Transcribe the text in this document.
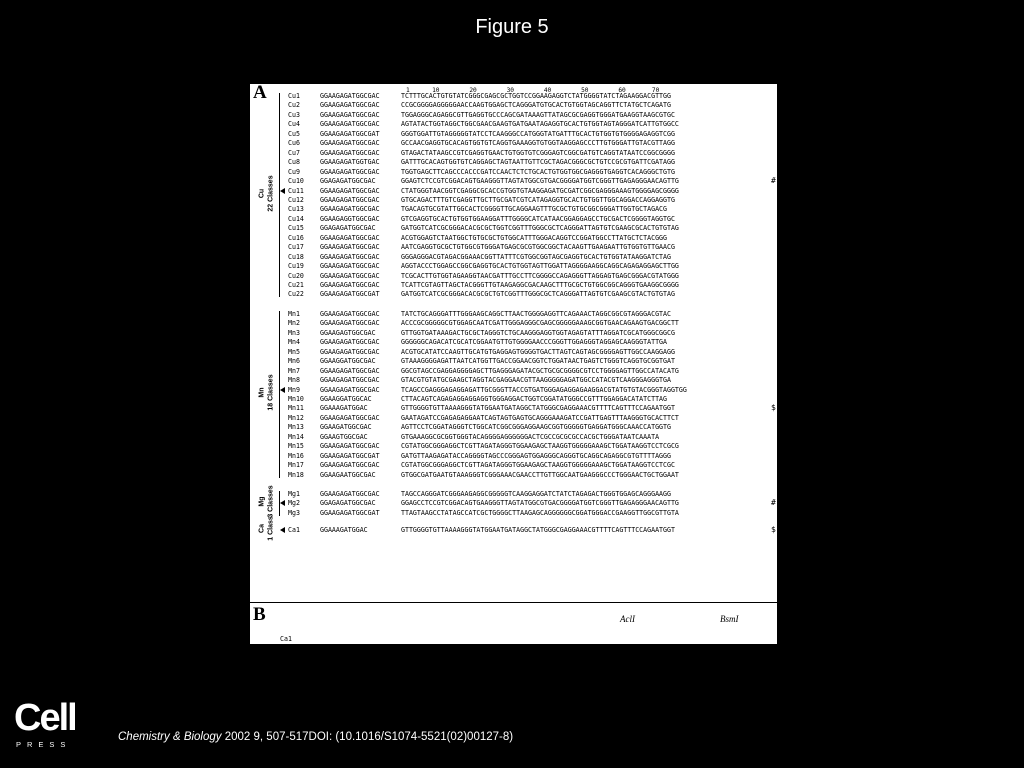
Figure 5
A	1      10        20        30        40        50        60       70
Cu1	GGAAGAGATGGCGAC	TCTTTGCACTGTGTATCGGGCGAGCGCTGGTCCGGAAGAGGTCTATGGGGTATCTAGAAGGACGTTGG
Cu2	GGAAGAGATGGCGAC	CCGCGGGGAGGGGGAACCAAGTGGAGCTCAGGGATGTGCACTGTGGTAGCAGGTTCTATGCTCAGATG
Cu3	GGAAGAGATGGCGAC	TGGAGGGCAGAGGCGTTGAGGTGCCCAGCGATAAAGTTATAGCGCGAGGTGGGATGAAGGTAAGCGTGC
Cu4	GGAAGAGATGGCGAC	AGTATACTGGTAGGCTGGCGAACGAAGTGATGAATAGAGGTGCACTGTGGTAGTAGGGATCATTGTGGCC
Cu5	GGAAGAGATGGCGAT	GGGTGGATTGTAGGGGGTATCCTCAAGGGCCATGGGTATGATTTGCACTGTGGTGTGGGGAGAGGTCGG
Cu6	GGAAGAGATGGCGAC	GCCAACGAGGTGCACAGTGGTGTCAGGTGAAAGGTGTGGTAAGGAGCCCTTGTGGGATTGTACGTTAGG
Cu7	GGAAGAGATGGCGAC	GTAGACTATAAGCCGTCGAGGTGAACTGTGGTGTCGGGAGTCGGCGATGTCAGGTATAATCCGGCGGGG
Cu8	GGAAGAGATGGTGAC	GATTTGCACAGTGGTGTCAGGAGCTAGTAATTGTTCGCTAGACGGGCGCTGTCCGCGTGATTCGATAGG
Cu9	GGAAGAGATGGCGAC	TGGTGAGCTTCAGCCCACCCGATCCAACTCTCTGCACTGTGGTGGCGAGGGTGAGGTCACAGGGCTGTG
Cu10 GGAGAGATGGCGAC	GGAGTCTCCGTCGGACAGTGAAGGGTTAGTATGGCGTGACGGGGATGGTCGGGTTGAGAGGGAACAGTTG	#
Cu11 GGAAGAGATGGCGAC	CTATGGGTAACGGTCGAGGCGCACCGTGGTGTAAGGAGATGCGATCGGCGAGGGAAAGTGGGGAGCGGGG
Cu12 GGAAGAGATGGCGAC	GTGCAGACTTTGTCGAGGTTGCTTGCGATCGTCATAGAGGTGCACTGTGGTTGGCAGGACCAGGAGGTG
Cu13 GGAAGAGATGGCGAC	TGACAGTGCGTATTGGCACTCGGGGTTGCAGGAAGTTTGCGCTGTGCGGCGGGATTGGTGCTAGACG
Cu14 GGAAGAGGTGGCGAC	GTCGAGGTGCACTGTGGTGGAAGGATTTGGGGCATCATAACGGAGGAGCCTGCGACTCGGGGTAGGTGC
Cu15 GGAGAGATGGCGAC	GATGGTCATCGCGGGACACGCGCTGGTCGGTTTGGGCGCTCAGGGATTAGTGTCGAAGCGCACTGTGTAG
Cu16 GGAAGAGATGGCGAC	ACGTGGAGTCTAATGGCTGTGCGCTGTGGCATTTGGGACAGGTCCGGATGGCCTTATGCTCTACGGG
Cu17 GGAAGAGATGGCGAC	AATCGAGGTGCGCTGTGGCGTGGGATGAGCGCGTGGCGGCTACAAGTTGAAGAATTGTGGTGTTGAACG
Cu18 GGAAGAGATGGCGAC	GGGAGGGACGTAGACGGAAACGGTTATTTCGTGGCGGTAGCGAGGTGCACTGTGGTATAAGGATCTAG
Cu19 GGAAGAGATGGCGAC	AGGTACCCTGGAGCCGGCGAGGTGCACTGTGGTAGTTGGATTAGGGGAAGGCAGGCAGAGAGGAGCTTGG
Cu20 GGAAGAGATGGCGAC	TCGCACTTGTGGTAGAAGGTAACGATTTGCCTTCGGGGCCAGAGGGTTAGGAGTGAGCGGGACGTATGGG
Cu21 GGAAGAGATGGCGAC	TCATTCGTAGTTAGCTACGGGTTGTAAGAGGCGACAAGCTTTGCGCTGTGGCGGCAGGGTGAAGGCGGGG
Cu22 GGAAGAGATGGCGAT	GATGGTCATCGCGGGACACGCGCTGTCGGTTTGGGCGCTCAGGGATTAGTGTCGAAGCGTACTGTGTAG
Mn1	GGAAGAGATGGCGAC	TATCTGCAGGGATTTGGGAAGCAGGCTTAACTGGGGAGGTTCAGAAACTAGGCGGCGTAGGGACGTAC
Mn2	GGAAGAGATGGCGAC	ACCCGCGGGGGCGTGGAGCAATCGATTGGGAGGGCGAGCGGGGGAAAGCGGTGAACAGAAGTGACGGCTT
Mn3	GGAAGAGTGGCGAC	GTTGGTGATAAAGACTGCGCTAGGGTCTGCAAGGGAGGTGGTAGAGTATTTAGGATCGCATGGGCGGCG
Mn4	GGAAGAGATGGCGAC	GGGGGGCAGACATCGCATCGGAATGTTGTGGGGAACCCGGGTTGGAGGGTAGGAGCAAGGGTATTGA
Mn5	GGAAGAGATGGCGAC	ACGTGCATATCCAAGTTGCATGTGAGGAGTGGGGTGACTTAGTCAGTAGCGGGGAGTTGGCCAAGGAGG
Mn6	GGAAGGATGGCGAC	GTAAAGGGGAGATTAATCATGGTTGACCGGAACGGTCTGGATAACTGAGTCTGGGTCAGGTGCGGTGAT
Mn7	GGAAGAGATGGCGAC	GGCGTAGCCGAGGAGGGGAGCTTGAGGGAGATACGCTGCGCGGGGCGTCCTGGGGAGTTGGCCATACATG
Mn8	GGAAGAGATGGCGAC	GTACGTGTATGCGAAGCTAGGTACGAGGAACGTTAAGGGGGAGATGGCCATACGTCAAGGGAGGGTGA
Mn9	GGAAGAGATGGCGAC	TCAGCCGAGGGAGAGGAGATTGCGGGTTACCGTGATGGGAGAGGAGAAGGACGTATGTGTACGGGTAGGTGG
Mn10 GGAAGGATGGCAC	CTTACAGTCAGAGAGGAGGAGGTGGGAGGACTGGTCGGATATGGGCCGTTTGGAGGACATATCTTAG
Mn11 GGAAAGATGGAC	GTTGGGGTGTTAAAAGGGTATGGAATGATAGGCTATGGGCGAGGAAACGTTTTCAGTTTCCAGAATGGT	$
Mn12 GGAAGAGATGGCGAC	GAATAGATCCGAGAGAGGAATCAGTAGTGAGTGCAGGGAAAGATCCGATTGAGTTTAAGGGTGCACTTCT
Mn13 GGAAGATGGCGAC	AGTTCCTCGGATAGGGTCTGGCATCGGCGGGAGGAAGCGGTGGGGGTGAGGATGGGCAAACCATGGTG
Mn14 GGAAGTGGCGAC	GTGAAAGGCGCGGTGGGTACAGGGGAGGGGGGACTCGCCGCGCGCCACGCTGGGATAATCAAATA
Mn15 GGAAGAGATGGCGAC	CGTATGGCGGGAGGCTCGTTAGATAGGGTGGAAGAGCTAAGGTGGGGGAAAGCTGGATAAGGTCCTCGCG
Mn16 GGAAGAGATGGCGAT	GATGTTAAGAGATACCAGGGGTAGCCCGGGAGTGGAGGGCAGGGTGCAGGCAGAGGCGTGTTTTAGGG
Mn17 GGAAGAGATGGCGAC	CGTATGGCGGGAGGCTCGTTAGATAGGGTGGAAGAGCTAAGGTGGGGGAAAGCTGGATAAGGTCCTCGC
Mn18 GGAAGAATGGCGAC	GTGGCGATGAATGTAAAGGGTCGGGAAACGAACCTTGTTGGCAATGAAGGGCCCTGGGAACTGCTGGAAT
Mg1	GGAAGAGATGGCGAC	TAGCCAGGGATCGGGAAGAGGCGGGGGTCAAGGAGGATCTATCTAGAGACTGGGTGGAGCAGGGAAGG
Mg2	GGAGAGATGGCGAC	GGAGCCTCCGTCGGACAGTGAAGGGTTAGTATGGCGTGACGGGGATGGTCGGGTTGAGAGGGAACAGTTG	#
Mg3	GGAAGAGATGGCGAT	TTAGTAAGCCTATAGCCATCGCTGGGGCTTAAGAGCAGGGGGGCGGATGGGACCGAAGGTTGGCGTTGTA
Ca1	GGAAAGATGGAC	GTTGGGGTGTTAAAAGGGTATGGAATGATAGGCTATGGGCGAGGAAACGTTTTCAGTTTCCAGAATGGT	$
Cu 22 Classes
Mn 18 Classes
Mg 3 Classes
Ca 1 Class
B	AclI	BsmI

Ca1

GGAAAGATGGAC

GTTGGGGTGTTAAAAGGGTATGGAATGATAGGCTATGGGCGAGGAAACGTTTTCAGTTTCCAGAATGCT

NTP-A2

CGAC

GC    GCTG T    GA    G         AG          GG  GG  G  GG GT  G    C

Cell
PRESS
Chemistry & Biology 2002 9, 507-517DOI: (10.1016/S1074-5521(02)00127-8)
